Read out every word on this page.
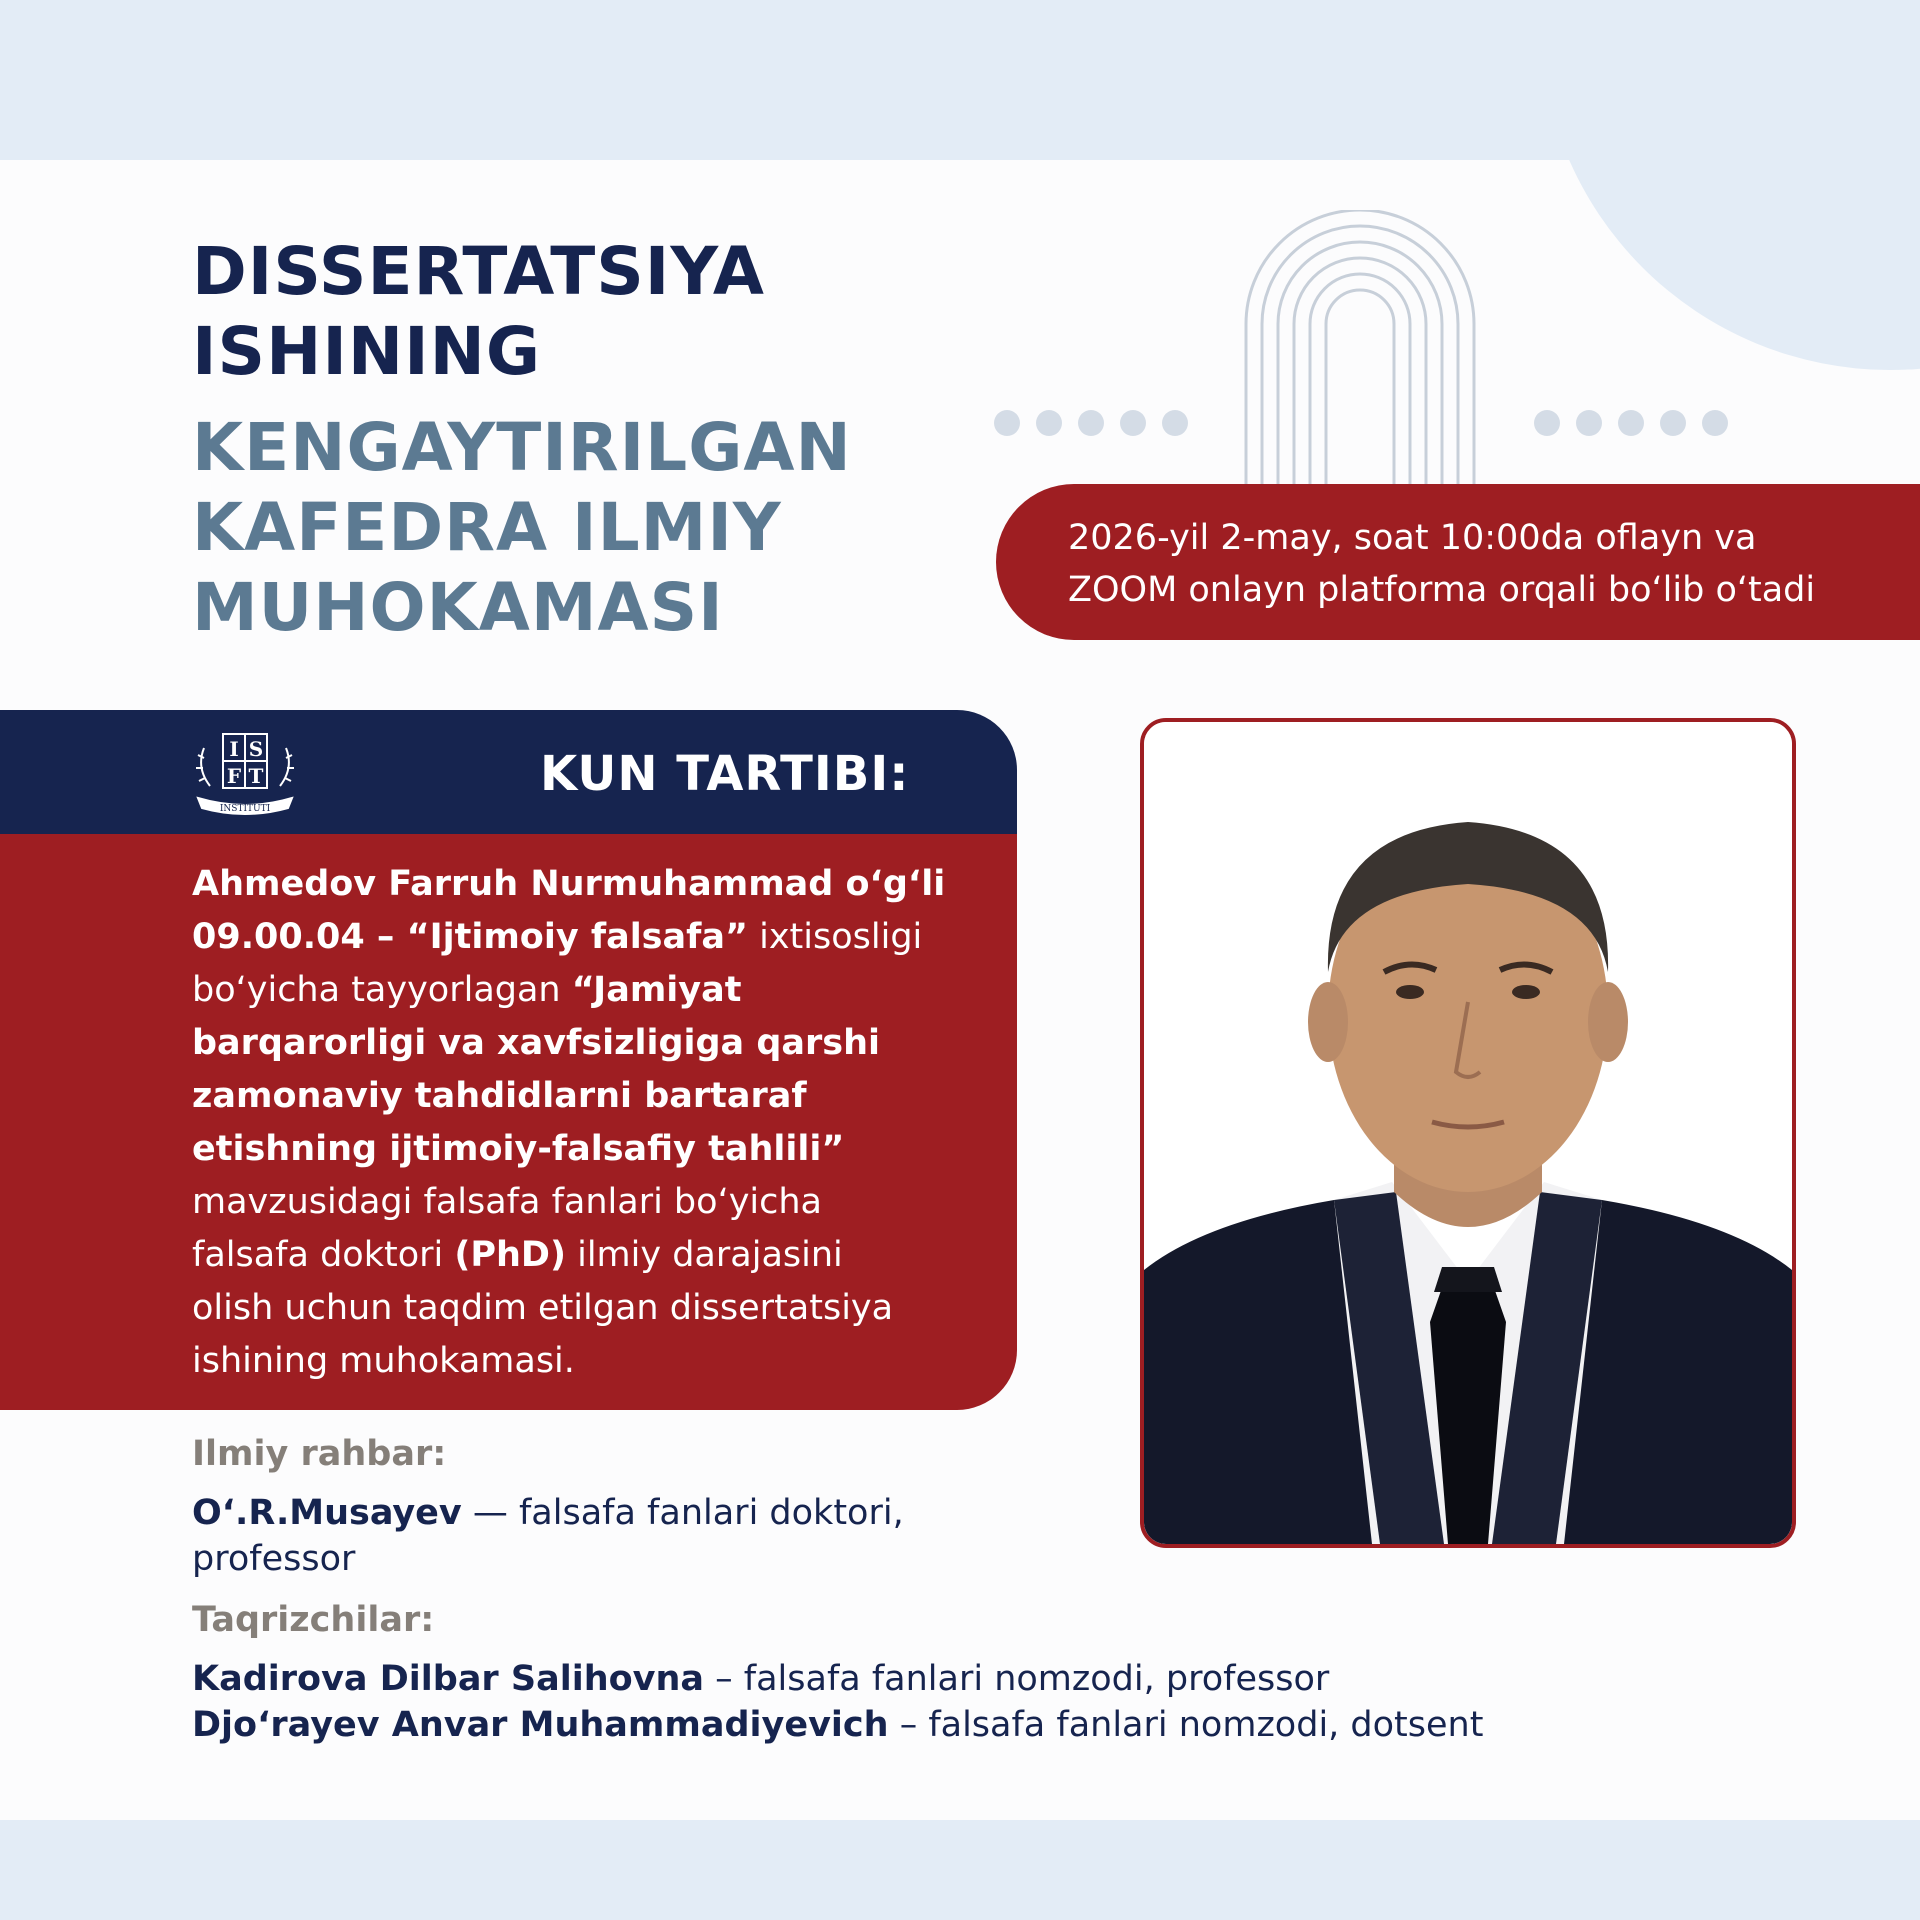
DISSERTATSIYA
ISHINING
KENGAYTIRILGAN
KAFEDRA ILMIY
MUHOKAMASI
2026-yil 2-may, soat 10:00da oflayn va
ZOOM onlayn platforma orqali bo‘lib o‘tadi
I S
F T
INSTITUTI
KUN TARTIBI:
Ahmedov Farruh Nurmuhammad o‘g‘li
09.00.04 – “Ijtimoiy falsafa” ixtisosligi
bo‘yicha tayyorlagan “Jamiyat
barqarorligi va xavfsizligiga qarshi
zamonaviy tahdidlarni bartaraf
etishning ijtimoiy-falsafiy tahlili”
mavzusidagi falsafa fanlari bo‘yicha
falsafa doktori (PhD) ilmiy darajasini
olish uchun taqdim etilgan dissertatsiya
ishining muhokamasi.
Ilmiy rahbar:
O‘.R.Musayev — falsafa fanlari doktori,
professor
Taqrizchilar:
Kadirova Dilbar Salihovna – falsafa fanlari nomzodi, professor
Djo‘rayev Anvar Muhammadiyevich – falsafa fanlari nomzodi, dotsent
